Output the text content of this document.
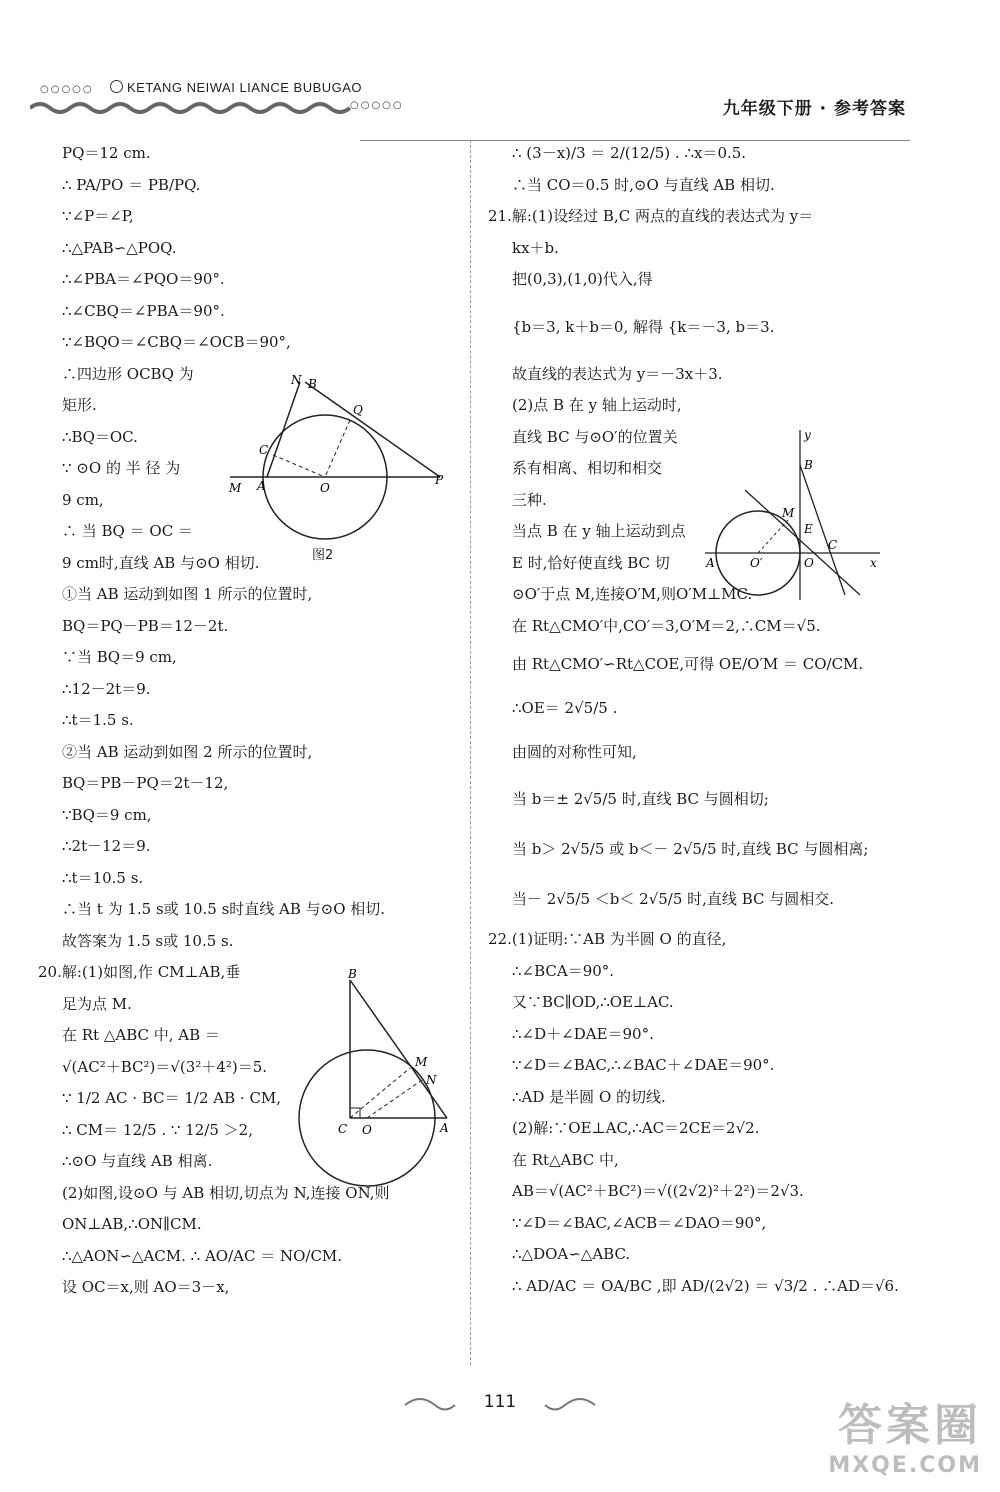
○○○○○	KETANG NEIWAI LIANCE BUBUGAO
○○○○○	九年级下册 · 参考答案
PQ＝12 cm.
∴ PA/PO ＝ PB/PQ.
∵∠P＝∠P,
∴△PAB∽△POQ.
∴∠PBA＝∠PQO＝90°.
∴∠CBQ＝∠PBA＝90°.
∵∠BQO＝∠CBQ＝∠OCB＝90°,
∴四边形 OCBQ 为
矩形.
∴BQ＝OC.
∵ ⊙O 的 半 径 为
9 cm,
∴ 当 BQ ＝ OC ＝
9 cm时,直线 AB 与⊙O 相切.
①当 AB 运动到如图 1 所示的位置时,
BQ＝PQ－PB＝12－2t.
∵当 BQ＝9 cm,
∴12－2t＝9.
∴t＝1.5 s.
②当 AB 运动到如图 2 所示的位置时,
BQ＝PB－PQ＝2t－12,
∵BQ＝9 cm,
∴2t－12＝9.
∴t＝10.5 s.
∴当 t 为 1.5 s或 10.5 s时直线 AB 与⊙O 相切.
故答案为 1.5 s或 10.5 s.
20.解:(1)如图,作 CM⊥AB,垂
足为点 M.
在 Rt △ABC 中, AB ＝
√(AC²＋BC²)＝√(3²＋4²)＝5.
∵ 1/2 AC · BC＝ 1/2 AB · CM,
∴ CM＝ 12/5 . ∵ 12/5 ＞2,
∴⊙O 与直线 AB 相离.
(2)如图,设⊙O 与 AB 相切,切点为 N,连接 ON,则
ON⊥AB,∴ON∥CM.
∴△AON∽△ACM. ∴ AO/AC ＝ NO/CM.
设 OC＝x,则 AO＝3－x,
∴ (3－x)/3 ＝ 2/(12/5) . ∴x＝0.5.
∴当 CO＝0.5 时,⊙O 与直线 AB 相切.
21.解:(1)设经过 B,C 两点的直线的表达式为 y＝
kx＋b.
把(0,3),(1,0)代入,得
{b＝3, k＋b＝0, 解得 {k＝－3, b＝3.
故直线的表达式为 y＝－3x＋3.
(2)点 B 在 y 轴上运动时,
直线 BC 与⊙O′的位置关
系有相离、相切和相交
三种.
当点 B 在 y 轴上运动到点
E 时,恰好使直线 BC 切
⊙O′于点 M,连接O′M,则O′M⊥MC.
在 Rt△CMO′中,CO′＝3,O′M＝2,∴CM＝√5.
由 Rt△CMO′∽Rt△COE,可得 OE/O′M ＝ CO/CM.
∴OE＝ 2√5/5 .
由圆的对称性可知,
当 b＝± 2√5/5 时,直线 BC 与圆相切;
当 b＞ 2√5/5 或 b＜－ 2√5/5 时,直线 BC 与圆相离;
当－ 2√5/5 ＜b＜ 2√5/5 时,直线 BC 与圆相交.
22.(1)证明:∵AB 为半圆 O 的直径,
∴∠BCA＝90°.
又∵BC∥OD,∴OE⊥AC.
∴∠D＋∠DAE＝90°.
∵∠D＝∠BAC,∴∠BAC＋∠DAE＝90°.
∴AD 是半圆 O 的切线.
(2)解:∵OE⊥AC,∴AC＝2CE＝2√2.
在 Rt△ABC 中,
AB＝√(AC²＋BC²)＝√((2√2)²＋2²)＝2√3.
∵∠D＝∠BAC,∠ACB＝∠DAO＝90°,
∴△DOA∽△ABC.
∴ AD/AC ＝ OA/BC ,即 AD/(2√2) ＝ √3/2 . ∴AD＝√6.
N B
Q
C
M A	O
P
图2
B
M
N
C O	A
y
B
M
E
C
A	O′	O	x
111	答案圈
MXQE.COM
